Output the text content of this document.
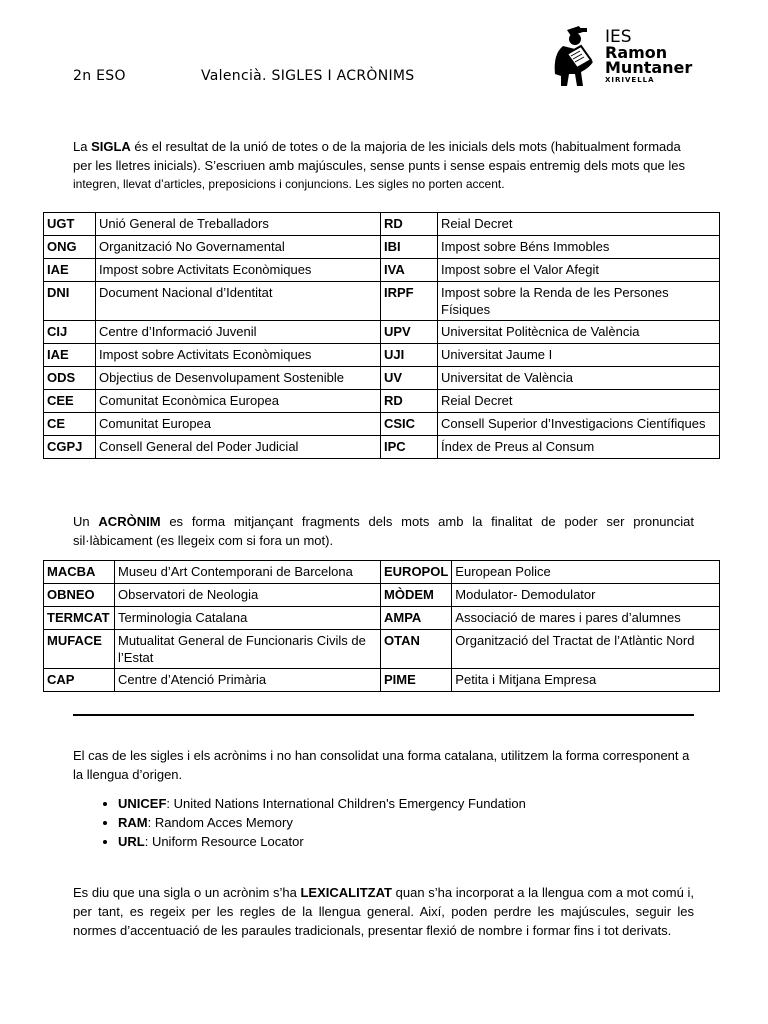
2n ESO	Valencià. SIGLES I ACRÒNIMS
IES
Ramon
Muntaner
XIRIVELLA
La SIGLA és el resultat de la unió de totes o de la majoria de les inicials dels mots (habitualment formada
per les lletres inicials). S’escriuen amb majúscules, sense punts i sense espais entremig dels mots que les
integren, llevat d’articles, preposicions i conjuncions. Les sigles no porten accent.
UGT	Unió General de Treballadors	RD	Reial Decret
ONG	Organització No Governamental	IBI	Impost sobre Béns Immobles
IAE	Impost sobre Activitats Econòmiques	IVA	Impost sobre el Valor Afegit
DNI	Document Nacional d’Identitat	IRPF	Impost sobre la Renda de les Persones Físiques
CIJ	Centre d’Informació Juvenil	UPV	Universitat Politècnica de València
IAE	Impost sobre Activitats Econòmiques	UJI	Universitat Jaume I
ODS	Objectius de Desenvolupament Sostenible	UV	Universitat de València
CEE	Comunitat Econòmica Europea	RD	Reial Decret
CE	Comunitat Europea	CSIC	Consell Superior d’Investigacions Científiques
CGPJ	Consell General del Poder Judicial	IPC	Índex de Preus al Consum
Un ACRÒNIM es forma mitjançant fragments dels mots amb la finalitat de poder ser pronunciat sil·làbicament (es llegeix com si fora un mot).
MACBA	Museu d’Art Contemporani de Barcelona	EUROPOL	European Police
OBNEO	Observatori de Neologia	MÒDEM	Modulator- Demodulator
TERMCAT	Terminologia Catalana	AMPA	Associació de mares i pares d’alumnes
MUFACE	Mutualitat General de Funcionaris Civils de l’Estat	OTAN	Organització del Tractat de l’Atlàntic Nord
CAP	Centre d’Atenció Primària	PIME	Petita i Mitjana Empresa
El cas de les sigles i els acrònims i no han consolidat una forma catalana, utilitzem la forma corresponent a
la llengua d’origen.
• UNICEF: United Nations International Children's Emergency Fundation
• RAM: Random Acces Memory
• URL: Uniform Resource Locator
Es diu que una sigla o un acrònim s’ha LEXICALITZAT quan s’ha incorporat a la llengua com a mot comú i, per tant, es regeix per les regles de la llengua general. Així, poden perdre les majúscules, seguir les normes d’accentuació de les paraules tradicionals, presentar flexió de nombre i formar fins i tot derivats.
